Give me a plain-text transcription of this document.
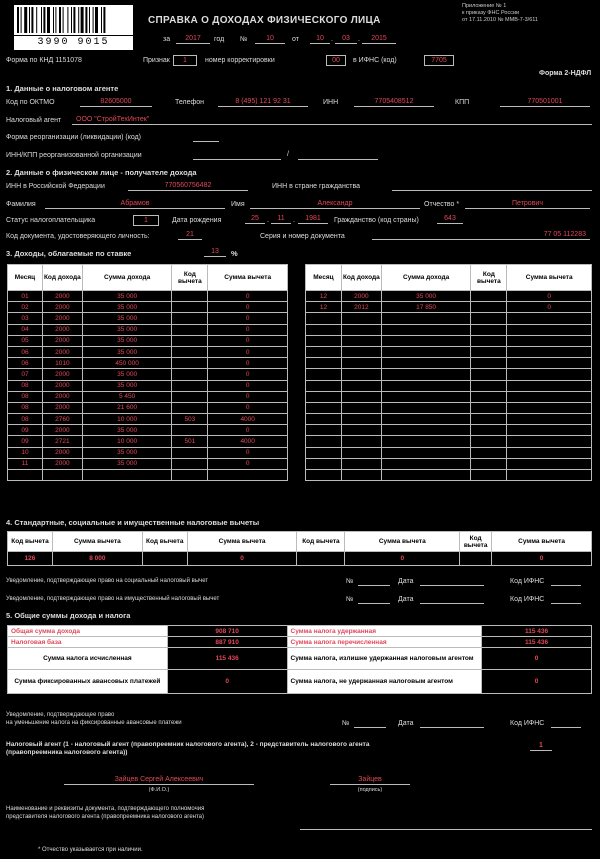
3990 9015
Приложение № 1
к приказу ФНС России
от 17.11.2010 № ММВ-7-3/611
СПРАВКА О ДОХОДАХ ФИЗИЧЕСКОГО ЛИЦА
за	2017	год №	10	от	10	.	03	.	2015
Форма по КНД 1151078	Признак	1	номер корректировки	00	в ИФНС (код)	7705
Форма 2-НДФЛ
1. Данные о налоговом агенте
Код по ОКТМО	82605000	Телефон	8 (495) 121 92 31	ИНН	7705408512	КПП	770501001
Налоговый агент	ООО "СтройТехИнтек"
Форма реорганизации (ликвидации) (код)
ИНН/КПП реорганизованной организации	/
2. Данные о физическом лице - получателе дохода
ИНН в Российской Федерации	770560756482	ИНН в стране гражданства
Фамилия	Абрамов	Имя	Александр	Отчество *	Петрович
Статус налогоплательщика	1	Дата рождения	25	.	11	.	1981	Гражданство (код страны)	643
Код документа, удостоверяющего личность:	21	Серия и номер документа	77 05 112283
3. Доходы, облагаемые по ставке	13	%
Месяц	Код дохода	Сумма дохода	Код вычета	Сумма вычета
01	2000	35 000		0
02	2000	35 000		0
03	2000	35 000		0
04	2000	35 000		0
05	2000	35 000		0
06	2000	35 000		0
06	1010	450 000		0
07	2000	35 000		0
08	2000	35 000		0
08	2000	5 450		0
08	2000	21 600		0
08	2760	10 000	503	4000
09	2000	35 000		0
09	2721	10 000	501	4000
10	2000	35 000		0
11	2000	35 000		0

Месяц	Код дохода	Сумма дохода	Код вычета	Сумма вычета
12	2000	35 000		0
12	2012	17 850		0

4. Стандартные, социальные и имущественные налоговые вычеты
Код вычета	Сумма вычета	Код вычета	Сумма вычета	Код вычета	Сумма вычета	Код вычета	Сумма вычета
126	8 000		0		0		0
Уведомление, подтверждающее право на социальный налоговый вычет	№	Дата	Код ИФНС
Уведомление, подтверждающее право на имущественный налоговый вычет	№	Дата	Код ИФНС
5. Общие суммы дохода и налога
Общая сумма дохода	908 710	Сумма налога удержанная	115 436
Налоговая база	887 910	Сумма налога перечисленная	115 436
Сумма налога исчисленная	115 436	Сумма налога, излишне удержанная налоговым агентом	0
Сумма фиксированных авансовых платежей	0	Сумма налога, не удержанная налоговым агентом	0
Уведомление, подтверждающее право
на уменьшение налога на фиксированные авансовые платежи	№	Дата	Код ИФНС
Налоговый агент (1 - налоговый агент (правопреемник налогового агента), 2 - представитель налогового агента
(правопреемника налогового агента))
1
Зайцев Сергей Алексеевич
(Ф.И.О.)
Зайцев
(подпись)
Наименование и реквизиты документа, подтверждающего полномочия
представителя налогового агента (правопреемника налогового агента)
* Отчество указывается при наличии.
